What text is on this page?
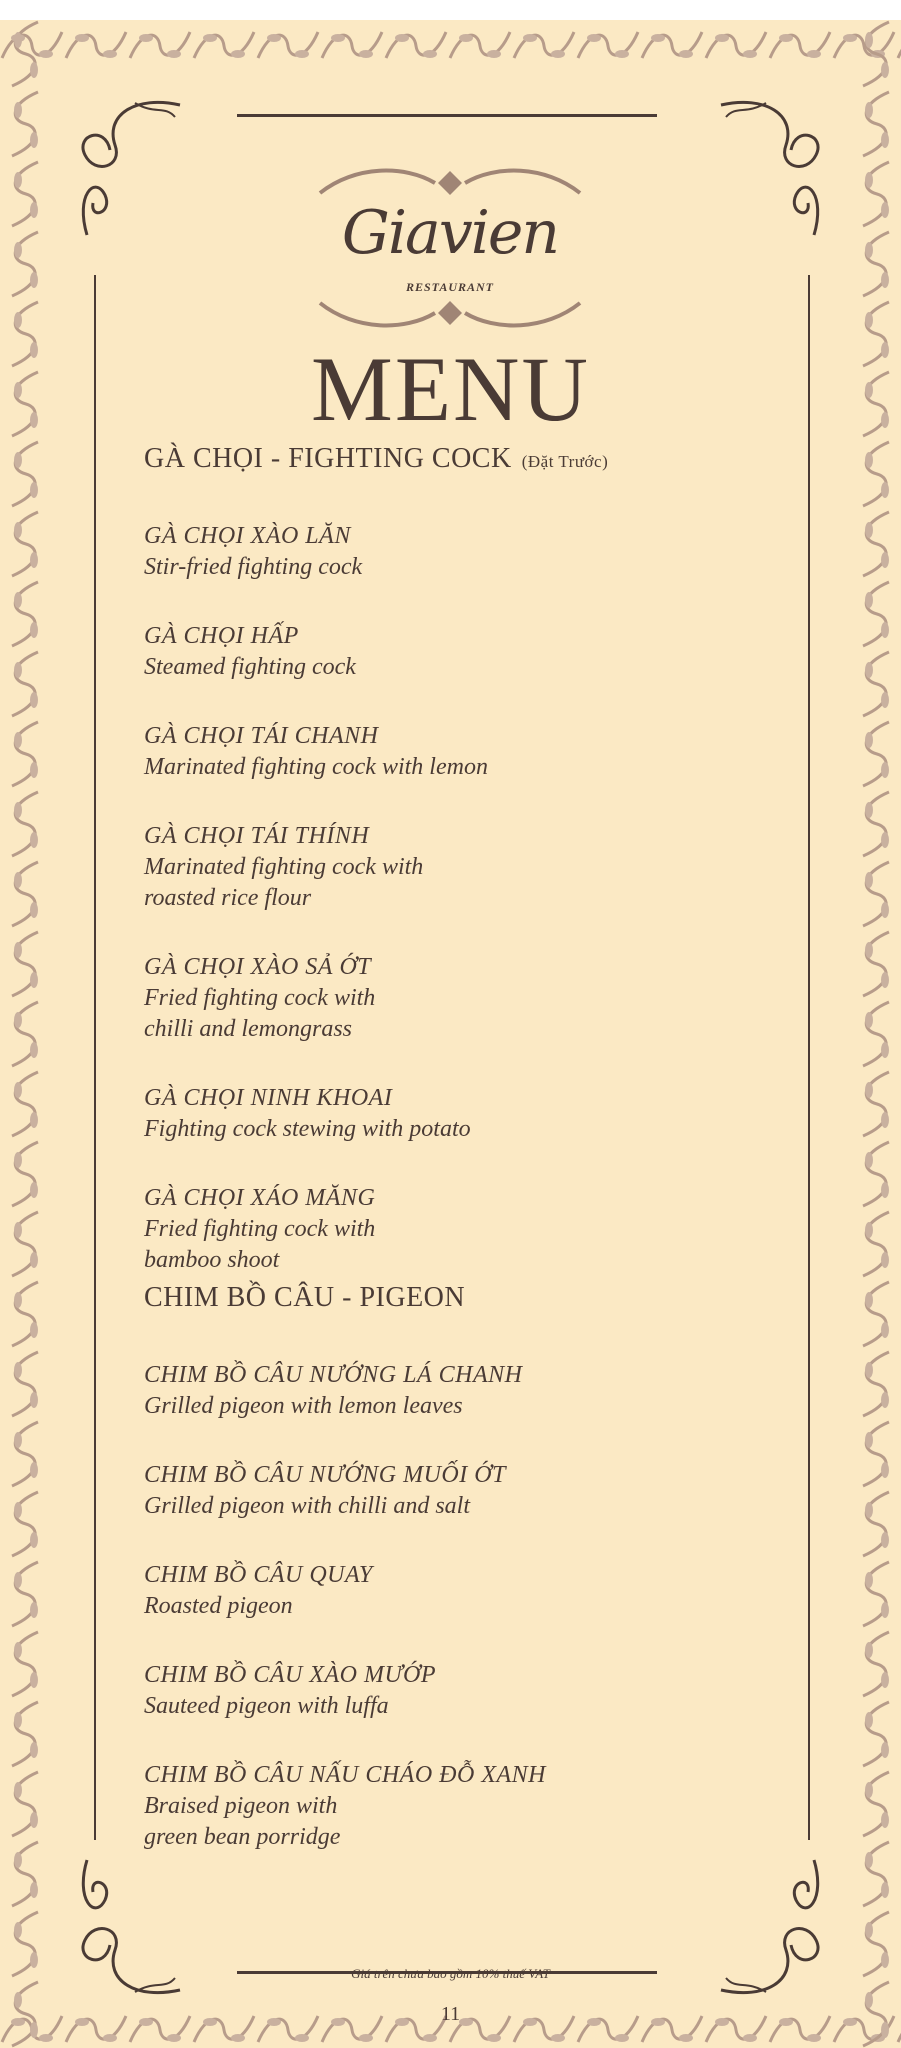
Giavien
RESTAURANT
MENU
GÀ CHỌI - FIGHTING COCK (Đặt Trước)
GÀ CHỌI XÀO LĂN
Stir-fried fighting cock
GÀ CHỌI HẤP
Steamed fighting cock
GÀ CHỌI TÁI CHANH
Marinated fighting cock with lemon
GÀ CHỌI TÁI THÍNH
Marinated fighting cock with
roasted rice flour
GÀ CHỌI XÀO SẢ ỚT
Fried fighting cock with
chilli and lemongrass
GÀ CHỌI NINH KHOAI
Fighting cock stewing with potato
GÀ CHỌI XÁO MĂNG
Fried fighting cock with
bamboo shoot
CHIM BỒ CÂU - PIGEON
CHIM BỒ CÂU NƯỚNG LÁ CHANH
Grilled pigeon with lemon leaves
CHIM BỒ CÂU NƯỚNG MUỐI ỚT
Grilled pigeon with chilli and salt
CHIM BỒ CÂU QUAY
Roasted pigeon
CHIM BỒ CÂU XÀO MƯỚP
Sauteed pigeon with luffa
CHIM BỒ CÂU NẤU CHÁO ĐỖ XANH
Braised pigeon with
green bean porridge
Giá trên chưa bao gồm 10% thuế VAT
11
